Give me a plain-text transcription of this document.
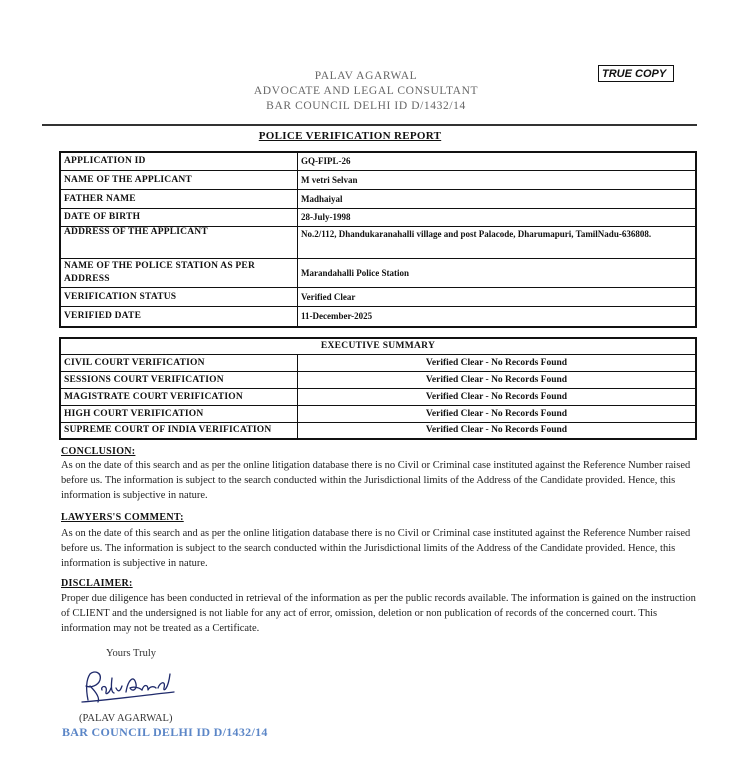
PALAV AGARWAL
ADVOCATE AND LEGAL CONSULTANT
BAR COUNCIL DELHI ID D/1432/14
TRUE COPY
POLICE VERIFICATION REPORT
APPLICATION ID	GQ-FIPL-26
NAME OF THE APPLICANT	M vetri Selvan
FATHER NAME	Madhaiyal
DATE OF BIRTH	28-July-1998
ADDRESS OF THE APPLICANT	No.2/112, Dhandukaranahalli village and post Palacode, Dharumapuri, TamilNadu-636808.
NAME OF THE POLICE STATION AS PER ADDRESS	Marandahalli Police Station
VERIFICATION STATUS	Verified Clear
VERIFIED DATE	11-December-2025
EXECUTIVE SUMMARY	
CIVIL COURT VERIFICATION	Verified Clear - No Records Found
SESSIONS COURT VERIFICATION	Verified Clear - No Records Found
MAGISTRATE COURT VERIFICATION	Verified Clear - No Records Found
HIGH COURT VERIFICATION	Verified Clear - No Records Found
SUPREME COURT OF INDIA VERIFICATION	Verified Clear - No Records Found
CONCLUSION:
As on the date of this search and as per the online litigation database there is no Civil or Criminal case instituted against the Reference Number raised before us. The information is subject to the search conducted within the Jurisdictional limits of the Address of the Candidate provided. Hence, this information is subjective in nature.
LAWYERS'S COMMENT:
As on the date of this search and as per the online litigation database there is no Civil or Criminal case instituted against the Reference Number raised before us. The information is subject to the search conducted within the Jurisdictional limits of the Address of the Candidate provided. Hence, this information is subjective in nature.
DISCLAIMER:
Proper due diligence has been conducted in retrieval of the information as per the public records available. The information is gained on the instruction of CLIENT and the undersigned is not liable for any act of error, omission, deletion or non publication of records of the concerned court. This information may not be treated as a Certificate.
Yours Truly
(PALAV AGARWAL)
BAR COUNCIL DELHI ID D/1432/14
